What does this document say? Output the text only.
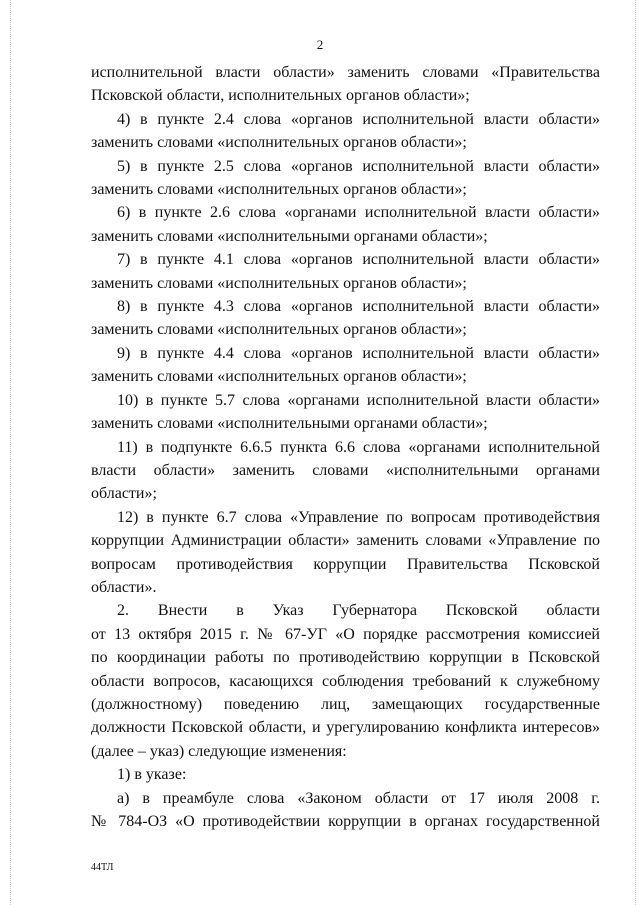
2
исполнительной власти области» заменить словами «Правительства
Псковской области, исполнительных органов области»;
4) в пункте 2.4 слова «органов исполнительной власти области»
заменить словами «исполнительных органов области»;
5) в пункте 2.5 слова «органов исполнительной власти области»
заменить словами «исполнительных органов области»;
6) в пункте 2.6 слова «органами исполнительной власти области»
заменить словами «исполнительными органами области»;
7) в пункте 4.1 слова «органов исполнительной власти области»
заменить словами «исполнительных органов области»;
8) в пункте 4.3 слова «органов исполнительной власти области»
заменить словами «исполнительных органов области»;
9) в пункте 4.4 слова «органов исполнительной власти области»
заменить словами «исполнительных органов области»;
10) в пункте 5.7 слова «органами исполнительной власти области»
заменить словами «исполнительными органами области»;
11) в подпункте 6.6.5 пункта 6.6 слова «органами исполнительной
власти области» заменить словами «исполнительными органами
области»;
12) в пункте 6.7 слова «Управление по вопросам противодействия
коррупции Администрации области» заменить словами «Управление по
вопросам противодействия коррупции Правительства Псковской
области».
2. Внести в Указ Губернатора Псковской области
от 13 октября 2015 г. № 67-УГ «О порядке рассмотрения комиссией
по координации работы по противодействию коррупции в Псковской
области вопросов, касающихся соблюдения требований к служебному
(должностному) поведению лиц, замещающих государственные
должности Псковской области, и урегулированию конфликта интересов»
(далее – указ) следующие изменения:
1) в указе:
а) в преамбуле слова «Законом области от 17 июля 2008 г.
№ 784-ОЗ «О противодействии коррупции в органах государственной
44ТЛ
